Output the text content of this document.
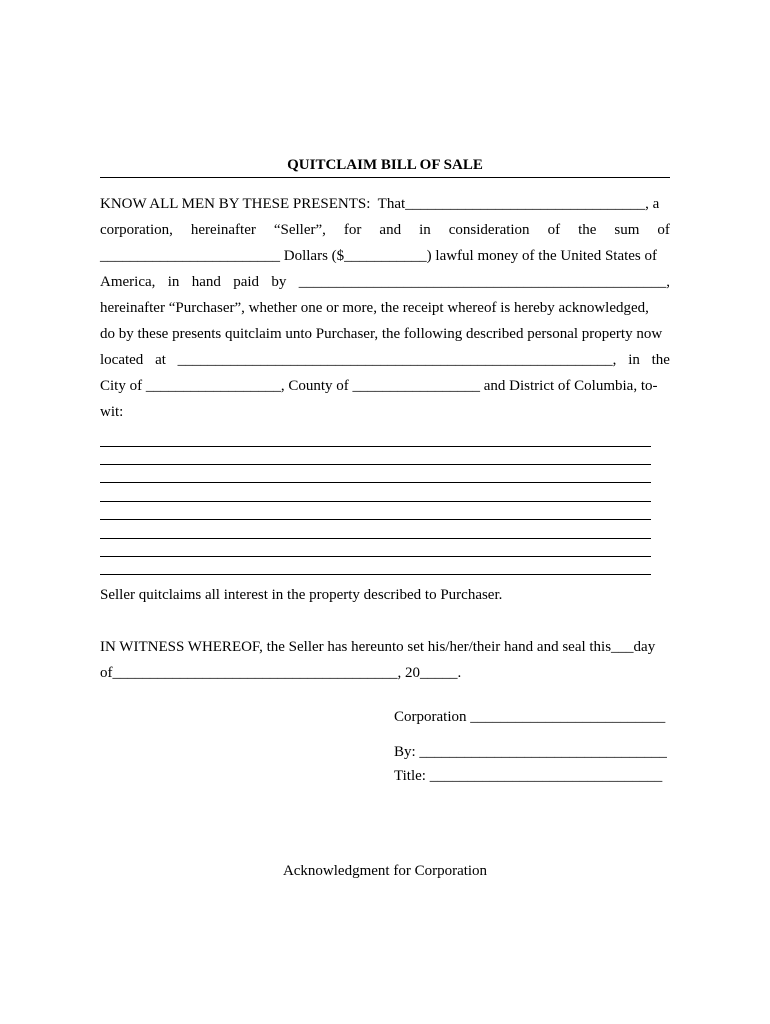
QUITCLAIM BILL OF SALE
KNOW ALL MEN BY THESE PRESENTS:  That________________________________, a
corporation, hereinafter “Seller”, for and in consideration of the sum of
________________________ Dollars ($___________) lawful money of the United States of
America, in hand paid by _________________________________________________,
hereinafter “Purchaser”, whether one or more, the receipt whereof is hereby acknowledged,
do by these presents quitclaim unto Purchaser, the following described personal property now
located at __________________________________________________________, in the
City of __________________, County of _________________ and District of Columbia, to-
wit:
Seller quitclaims all interest in the property described to Purchaser.
IN WITNESS WHEREOF, the Seller has hereunto set his/her/their hand and seal this___day
of______________________________________, 20_____.
Corporation __________________________
By: _________________________________
Title: _______________________________
Acknowledgment for Corporation
